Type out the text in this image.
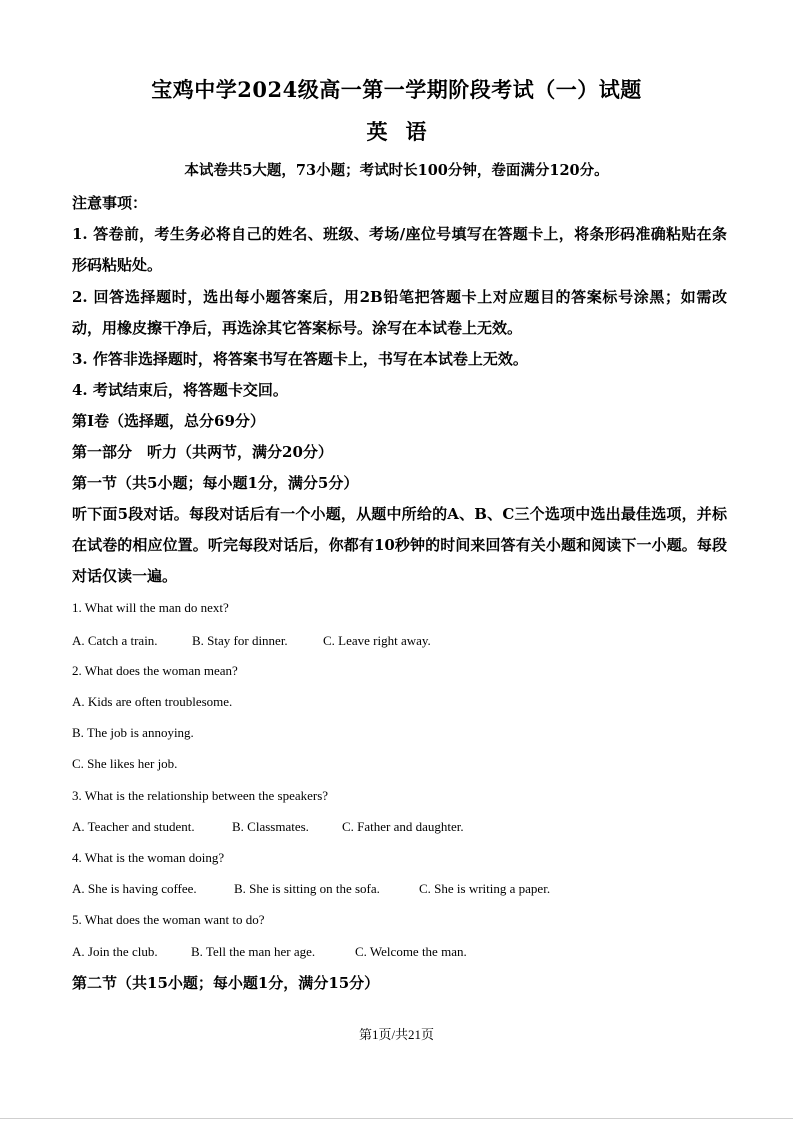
宝鸡中学2024级高一第一学期阶段考试（一）试题
英语
本试卷共5大题，73小题；考试时长100分钟，卷面满分120分。
注意事项：
1. 答卷前，考生务必将自己的姓名、班级、考场/座位号填写在答题卡上，将条形码准确粘贴在条形码粘贴处。
2. 回答选择题时，选出每小题答案后，用2B铅笔把答题卡上对应题目的答案标号涂黑；如需改动，用橡皮擦干净后，再选涂其它答案标号。涂写在本试卷上无效。
3. 作答非选择题时，将答案书写在答题卡上，书写在本试卷上无效。
4. 考试结束后，将答题卡交回。
第Ⅰ卷（选择题，总分69分）
第一部分　听力（共两节，满分20分）
第一节（共5小题；每小题1分，满分5分）
听下面5段对话。每段对话后有一个小题，从题中所给的A、B、C三个选项中选出最佳选项，并标在试卷的相应位置。听完每段对话后，你都有10秒钟的时间来回答有关小题和阅读下一小题。每段对话仅读一遍。
1. What will the man do next?
A. Catch a train.	B. Stay for dinner.	C. Leave right away.
2. What does the woman mean?
A. Kids are often troublesome.
B. The job is annoying.
C. She likes her job.
3. What is the relationship between the speakers?
A. Teacher and student.	B. Classmates.	C. Father and daughter.
4. What is the woman doing?
A. She is having coffee.	B. She is sitting on the sofa.	C. She is writing a paper.
5. What does the woman want to do?
A. Join the club.	B. Tell the man her age.	C. Welcome the man.
第二节（共15小题；每小题1分，满分15分）
第1页/共21页
